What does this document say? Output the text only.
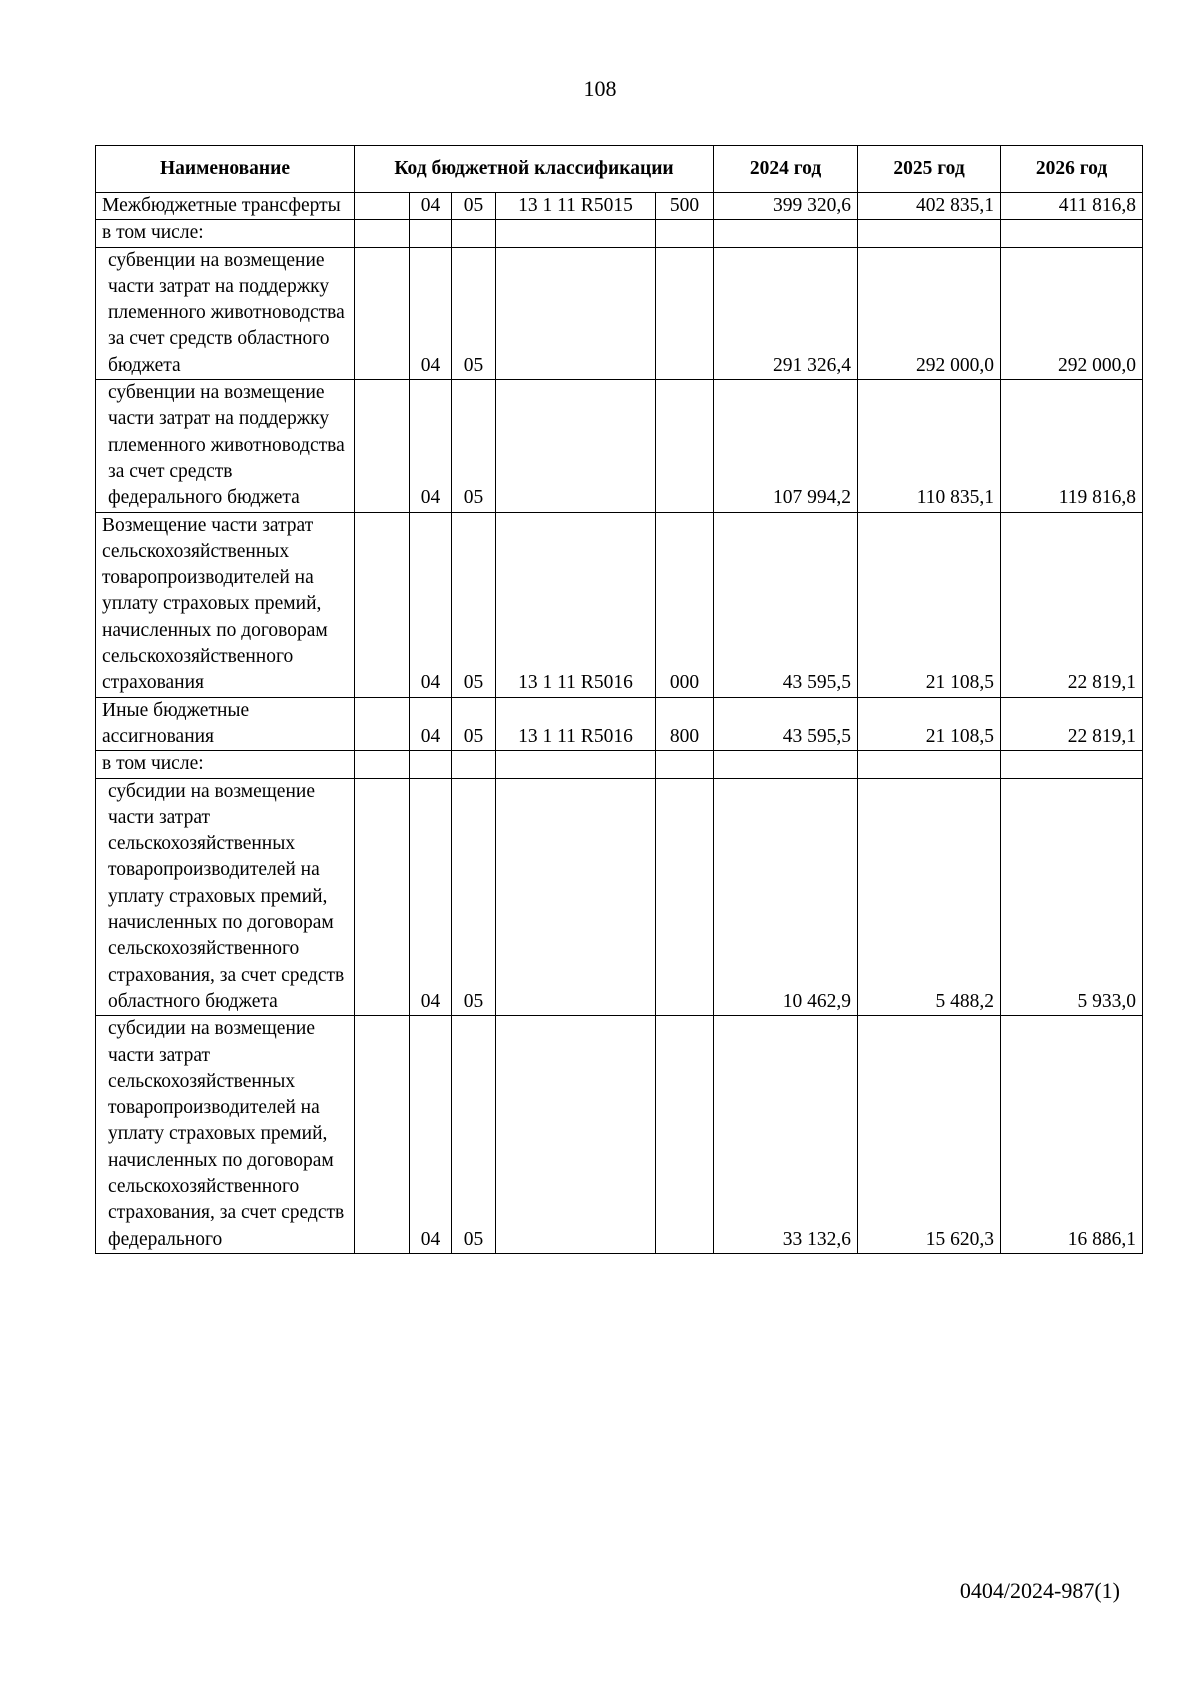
108
Наименование	Код бюджетной классификации					2024 год	2025 год	2026 год
Межбюджетные трансферты		04	05	13 1 11 R5015	500	399 320,6	402 835,1	411 816,8
в том числе:								
субвенции на возмещение части затрат на поддержку племенного животноводства за счет средств областного бюджета		04	05			291 326,4	292 000,0	292 000,0
субвенции на возмещение части затрат на поддержку племенного животноводства за счет средств федерального бюджета		04	05			107 994,2	110 835,1	119 816,8
Возмещение части затрат сельскохозяйственных товаропроизводителей на уплату страховых премий, начисленных по договорам сельскохозяйственного страхования		04	05	13 1 11 R5016	000	43 595,5	21 108,5	22 819,1
Иные бюджетные ассигнования		04	05	13 1 11 R5016	800	43 595,5	21 108,5	22 819,1
в том числе:								
субсидии на возмещение части затрат сельскохозяйственных товаропроизводителей на уплату страховых премий, начисленных по договорам сельскохозяйственного страхования, за счет средств областного бюджета		04	05			10 462,9	5 488,2	5 933,0
субсидии на возмещение части затрат сельскохозяйственных товаропроизводителей на уплату страховых премий, начисленных по договорам сельскохозяйственного страхования, за счет средств федерального		04	05			33 132,6	15 620,3	16 886,1
0404/2024-987(1)
